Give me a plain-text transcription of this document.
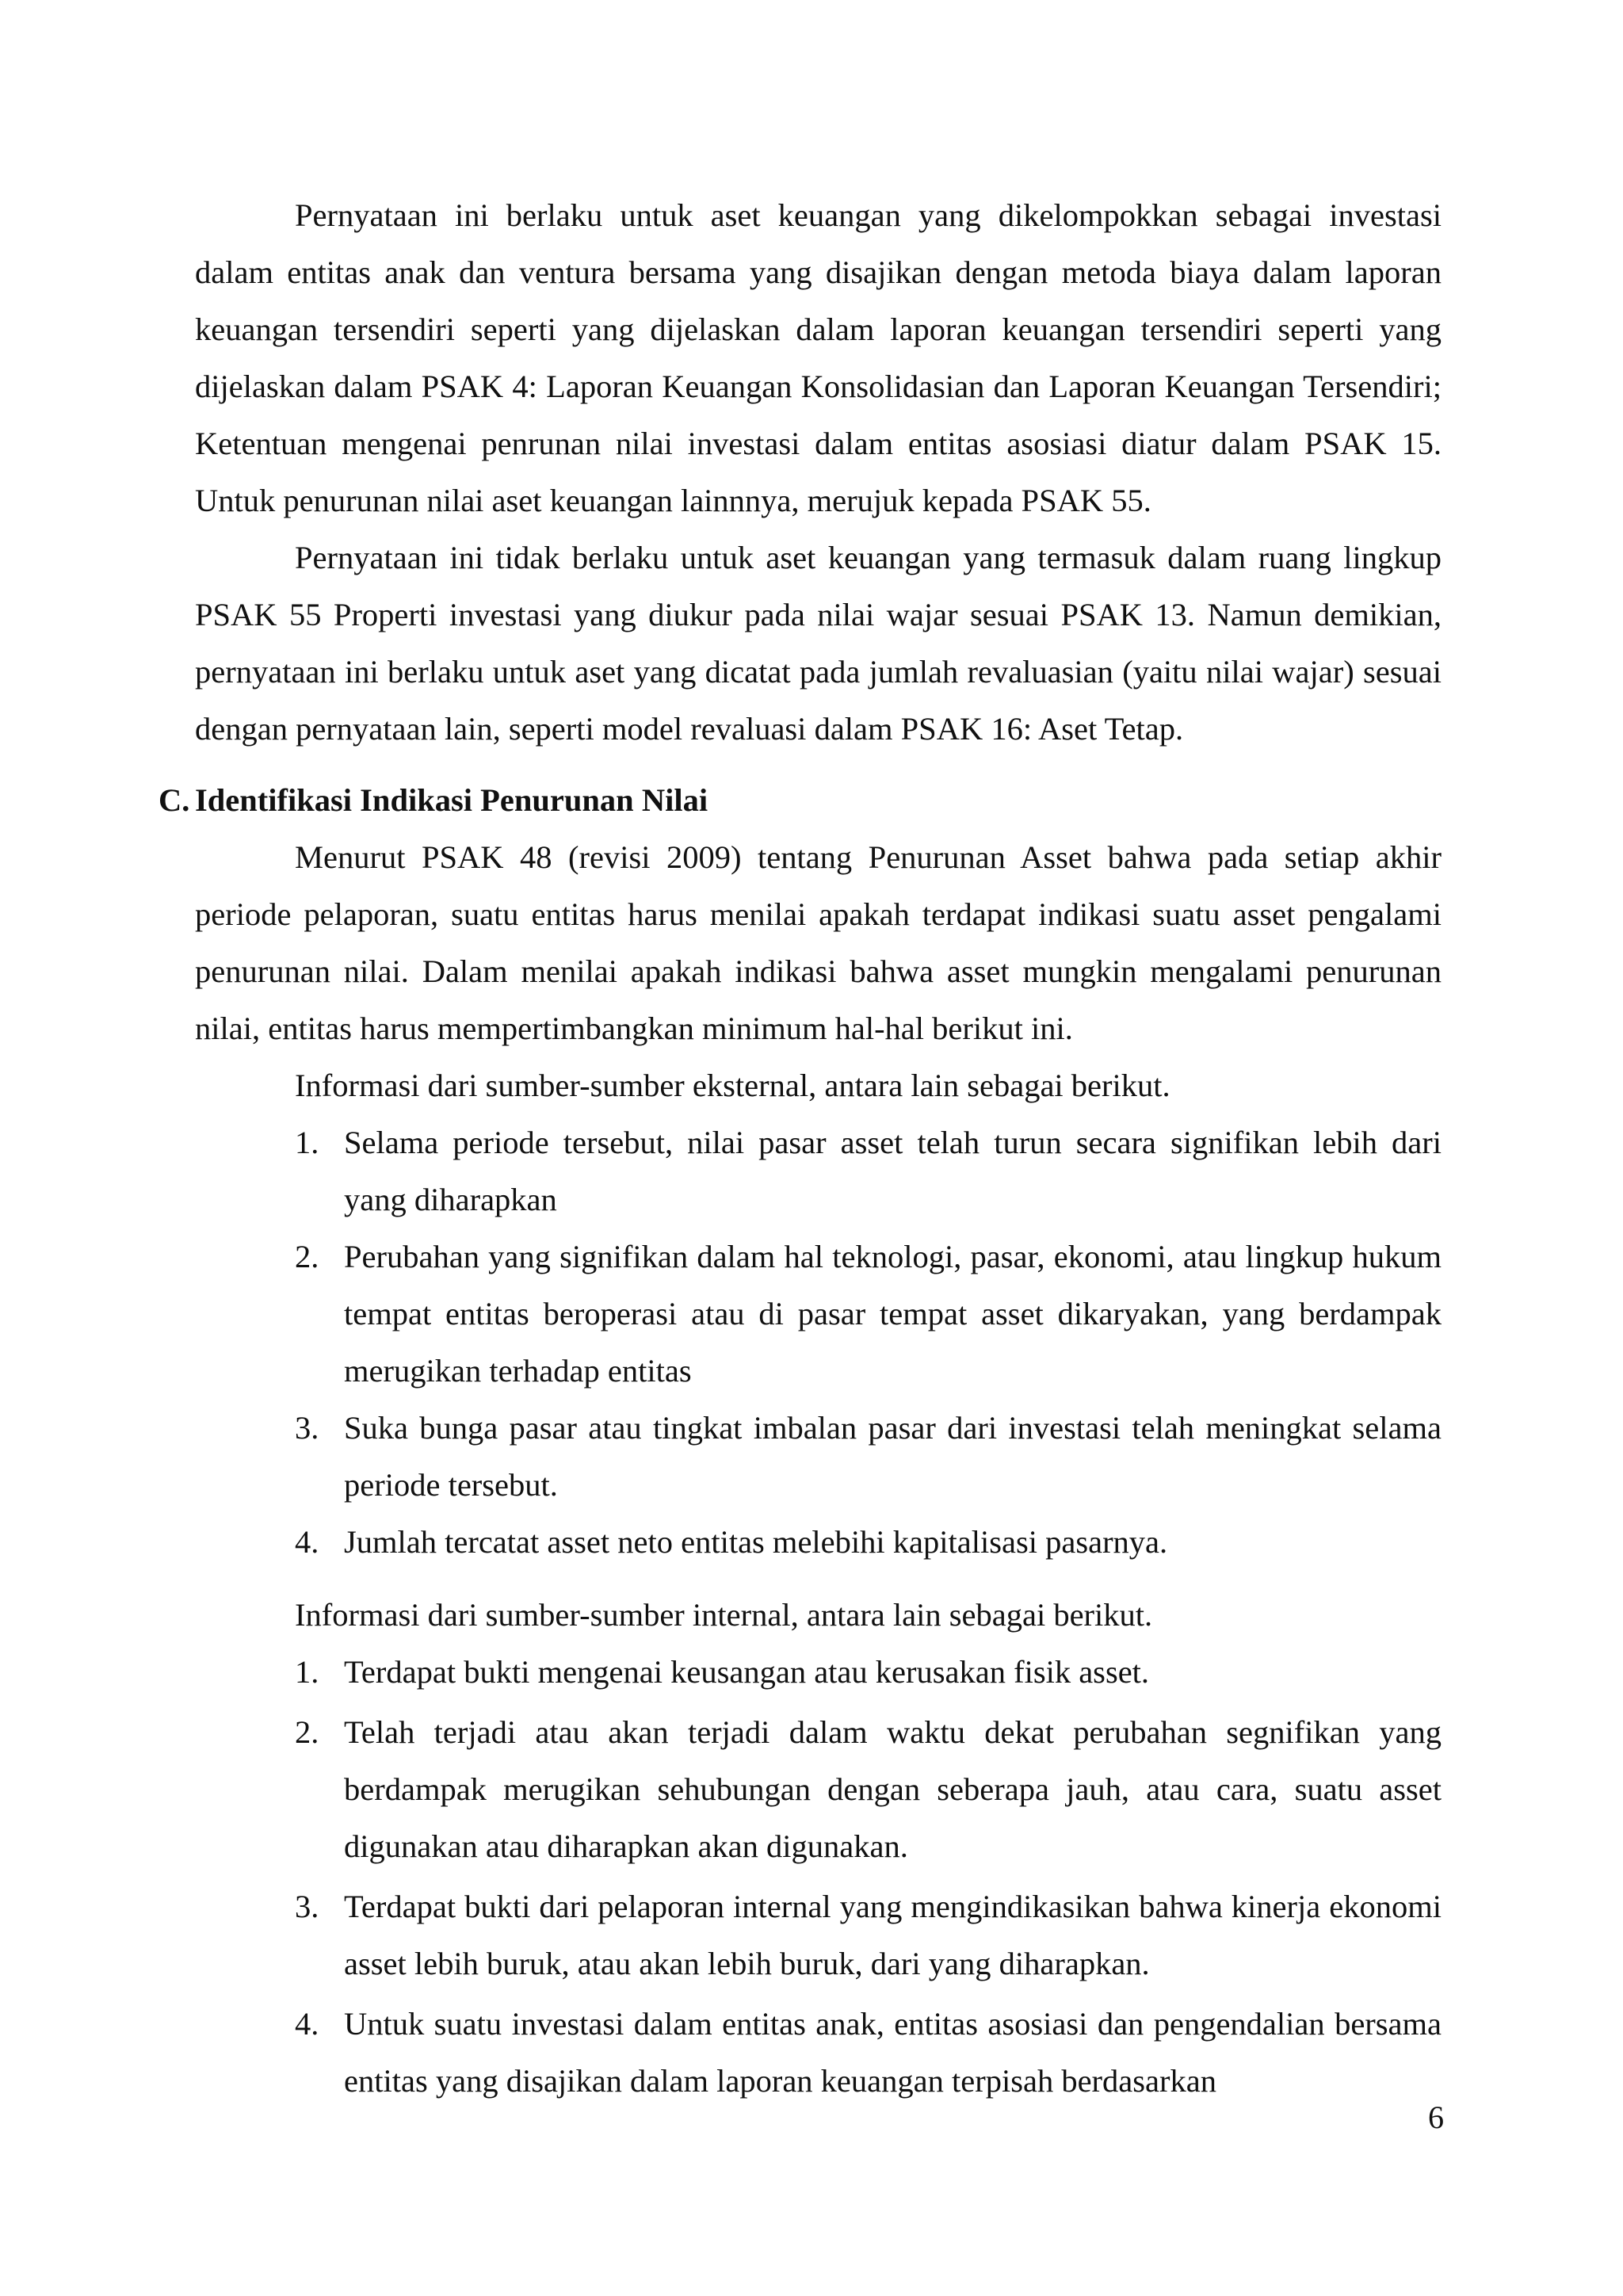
Pernyataan ini berlaku untuk aset keuangan yang dikelompokkan sebagai investasi dalam entitas anak dan ventura bersama yang disajikan dengan metoda biaya dalam laporan keuangan tersendiri seperti yang dijelaskan dalam laporan keuangan tersendiri seperti yang dijelaskan dalam PSAK 4: Laporan Keuangan Konsolidasian dan Laporan Keuangan Tersendiri; Ketentuan mengenai penrunan nilai investasi dalam entitas asosiasi diatur dalam PSAK 15. Untuk penurunan nilai aset keuangan lainnnya, merujuk kepada PSAK 55.

Pernyataan ini tidak berlaku untuk aset keuangan yang termasuk dalam ruang lingkup PSAK 55 Properti investasi yang diukur pada nilai wajar sesuai PSAK 13. Namun demikian, pernyataan ini berlaku untuk aset yang dicatat pada jumlah revaluasian (yaitu nilai wajar) sesuai dengan pernyataan lain, seperti model revaluasi dalam PSAK 16: Aset Tetap.

C. Identifikasi Indikasi Penurunan Nilai

Menurut PSAK 48 (revisi 2009) tentang Penurunan Asset bahwa pada setiap akhir periode pelaporan, suatu entitas harus menilai apakah terdapat indikasi suatu asset pengalami penurunan nilai. Dalam menilai apakah indikasi bahwa asset mungkin mengalami penurunan nilai, entitas harus mempertimbangkan minimum hal-hal berikut ini.

Informasi dari sumber-sumber eksternal, antara lain sebagai berikut.

1. Selama periode tersebut, nilai pasar asset telah turun secara signifikan lebih dari yang diharapkan
2. Perubahan yang signifikan dalam hal teknologi, pasar, ekonomi, atau lingkup hukum tempat entitas beroperasi atau di pasar tempat asset dikaryakan, yang berdampak merugikan terhadap entitas
3. Suka bunga pasar atau tingkat imbalan pasar dari investasi telah meningkat selama periode tersebut.
4. Jumlah tercatat asset neto entitas melebihi kapitalisasi pasarnya.

Informasi dari sumber-sumber internal, antara lain sebagai berikut.

1. Terdapat bukti mengenai keusangan atau kerusakan fisik asset.
2. Telah terjadi atau akan terjadi dalam waktu dekat perubahan segnifikan yang berdampak merugikan sehubungan dengan seberapa jauh, atau cara, suatu asset digunakan atau diharapkan akan digunakan.
3. Terdapat bukti dari pelaporan internal yang mengindikasikan bahwa kinerja ekonomi asset lebih buruk, atau akan lebih buruk, dari yang diharapkan.
4. Untuk suatu investasi dalam entitas anak, entitas asosiasi dan pengendalian bersama entitas yang disajikan dalam laporan keuangan terpisah berdasarkan
6
